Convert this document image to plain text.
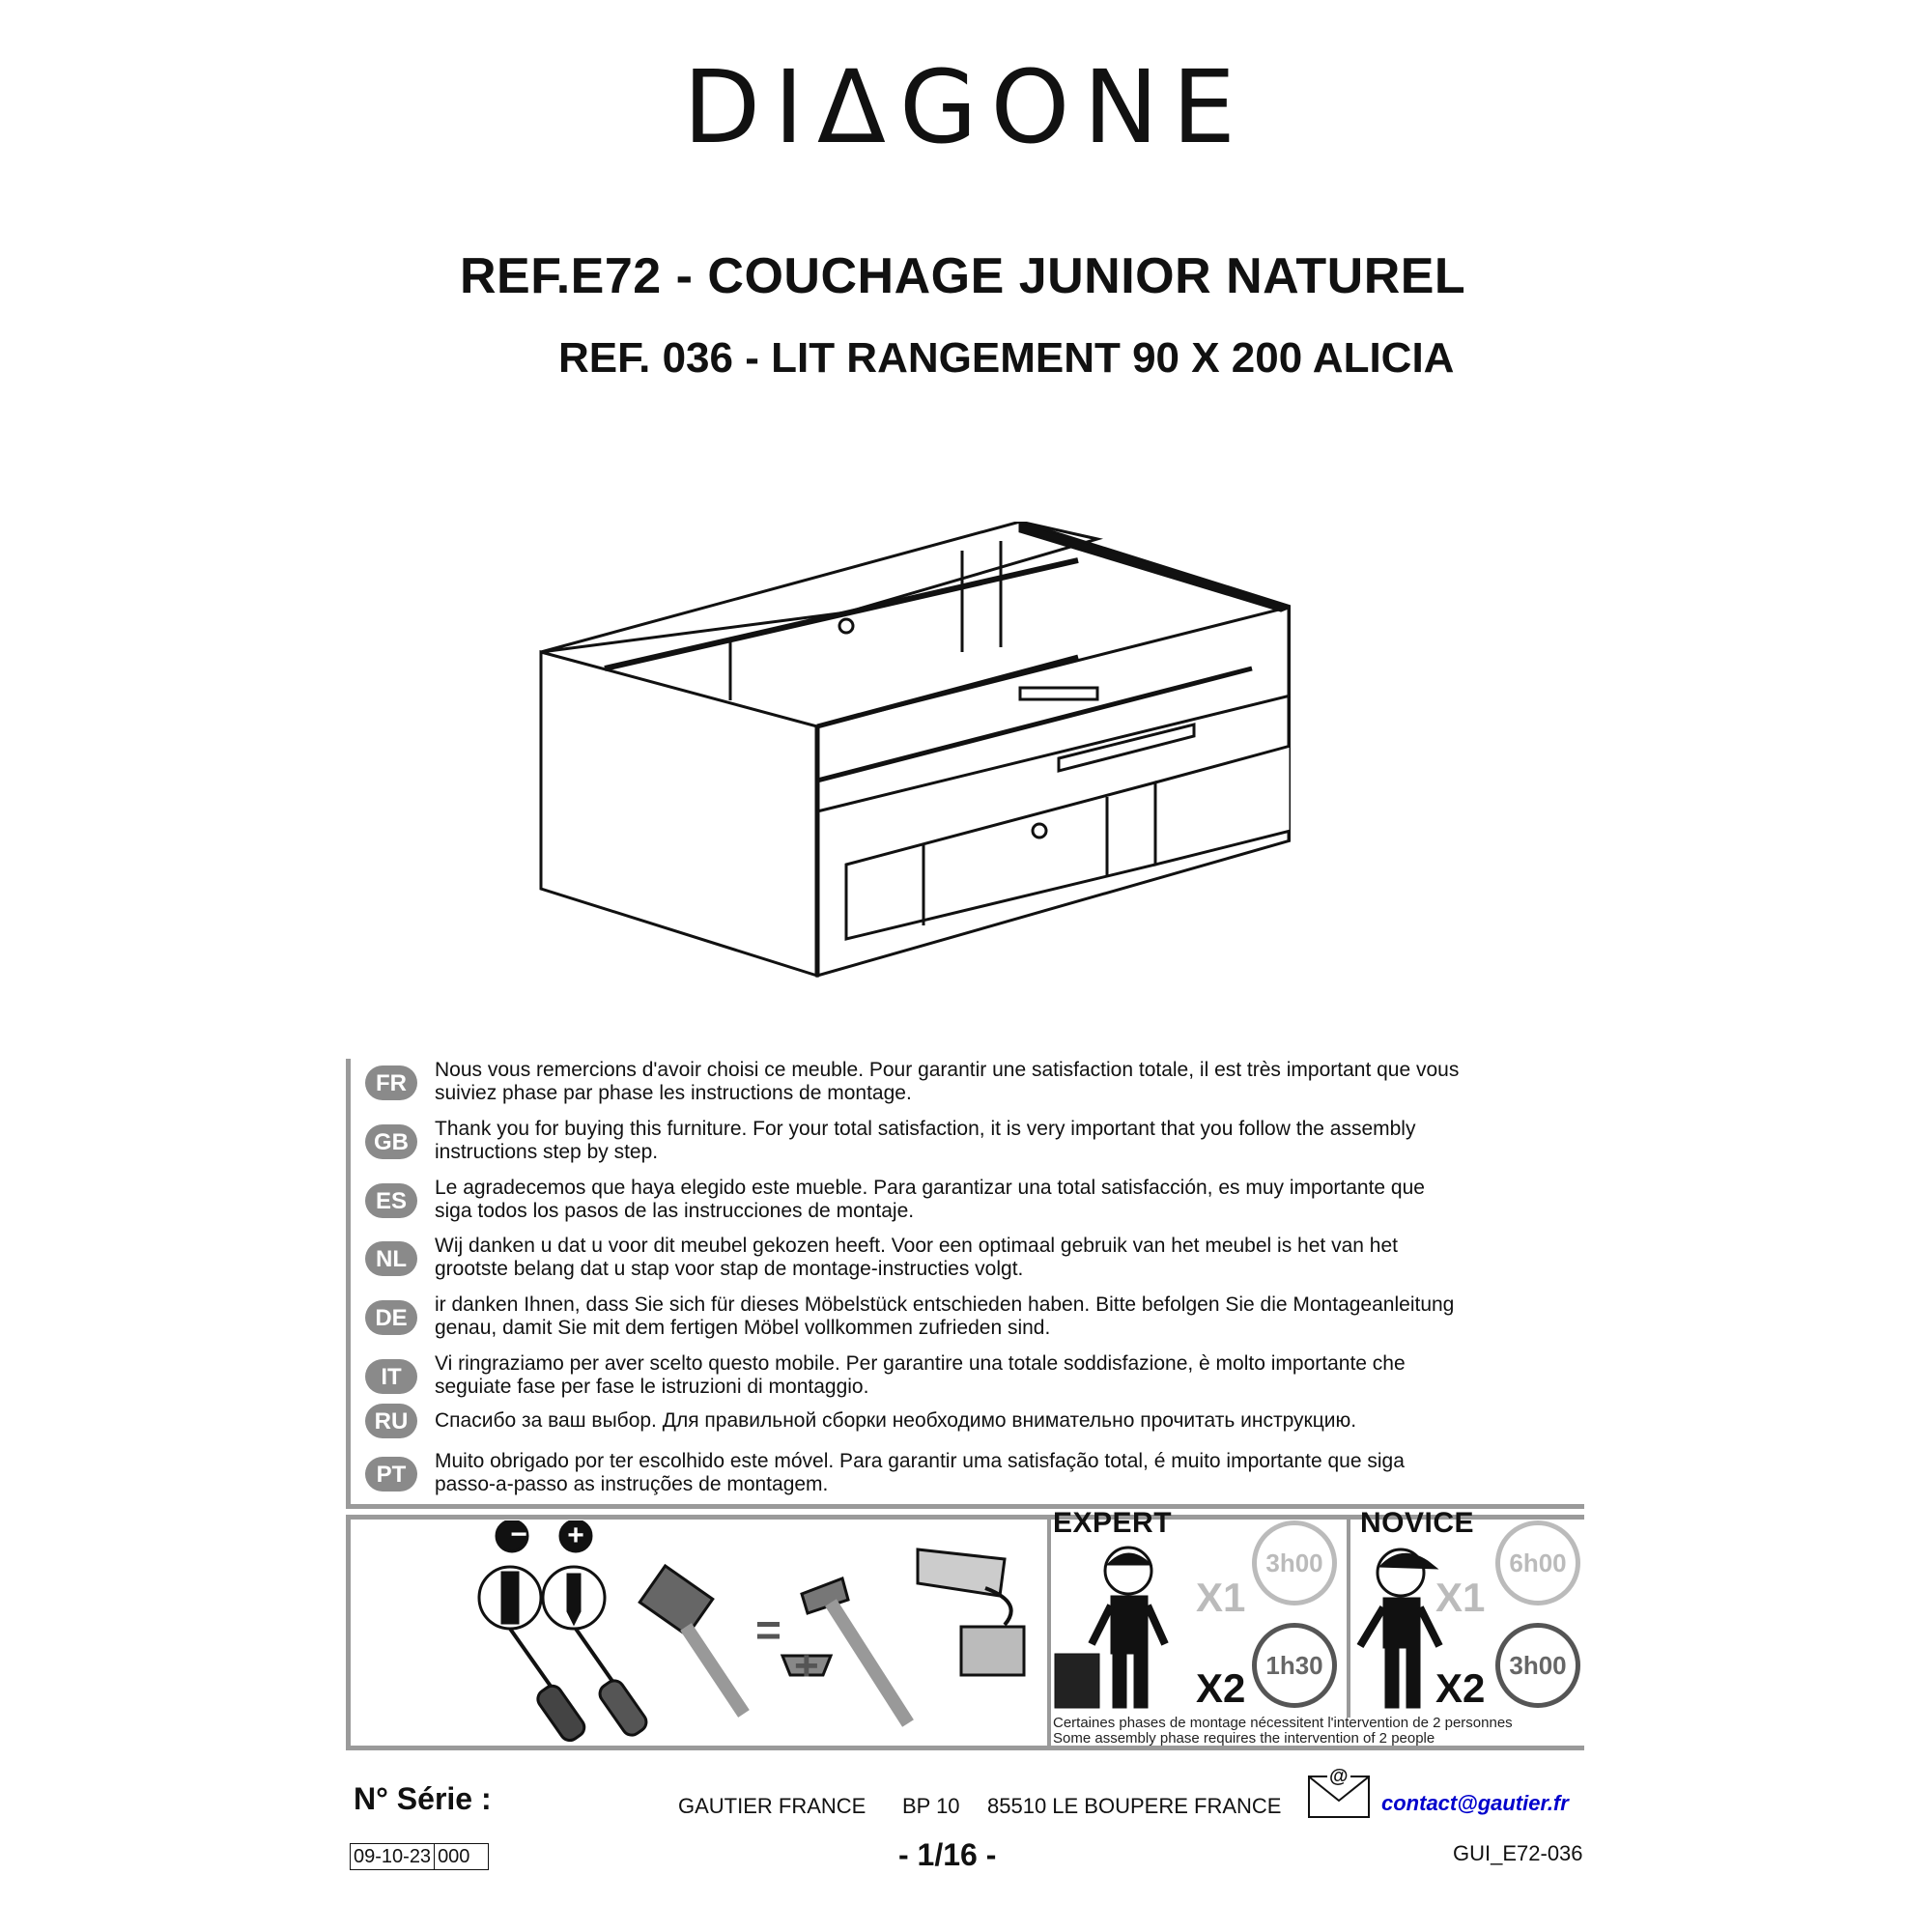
DIΔGONE
REF.E72 - COUCHAGE JUNIOR NATUREL
REF. 036 - LIT RANGEMENT 90 X 200 ALICIA
FR
Nous vous remercions d'avoir choisi ce meuble. Pour garantir une satisfaction totale, il est très important que vous
suiviez phase par phase les instructions de montage.
GB
Thank you for buying this furniture. For your total satisfaction, it is very important that you follow the assembly
instructions step by step.
ES
Le agradecemos que haya elegido este mueble. Para garantizar una total satisfacción, es muy importante que
siga todos los pasos de las instrucciones de montaje.
NL
Wij danken u dat u voor dit meubel gekozen heeft. Voor een optimaal gebruik van het meubel is het van het
grootste belang dat u stap voor stap de montage-instructies volgt.
DE
ir danken Ihnen, dass Sie sich für dieses Möbelstück entschieden haben. Bitte befolgen Sie die Montageanleitung
genau, damit Sie mit dem fertigen Möbel vollkommen zufrieden sind.
IT
Vi ringraziamo per aver scelto questo mobile. Per garantire una totale soddisfazione, è molto importante che
seguiate fase per fase le istruzioni di montaggio.
RU	Спасибо за ваш выбор. Для правильной сборки необходимо внимательно прочитать инструкцию.
PT
Muito obrigado por ter escolhido este móvel. Para garantir uma satisfação total, é muito importante que siga
passo-a-passo as instruções de montagem.
− +
=
+
EXPERT
X1
3h00
X2 1h30
NOVICE
X1
6h00
X2 3h00
Certaines phases de montage nécessitent l'intervention de 2 personnes
Some assembly phase requires the intervention of 2 people
N° Série :	GAUTIER FRANCE BP 10 85510 LE BOUPERE FRANCE
@
contact@gautier.fr
09-10-23 000	- 1/16 -	GUI_E72-036
